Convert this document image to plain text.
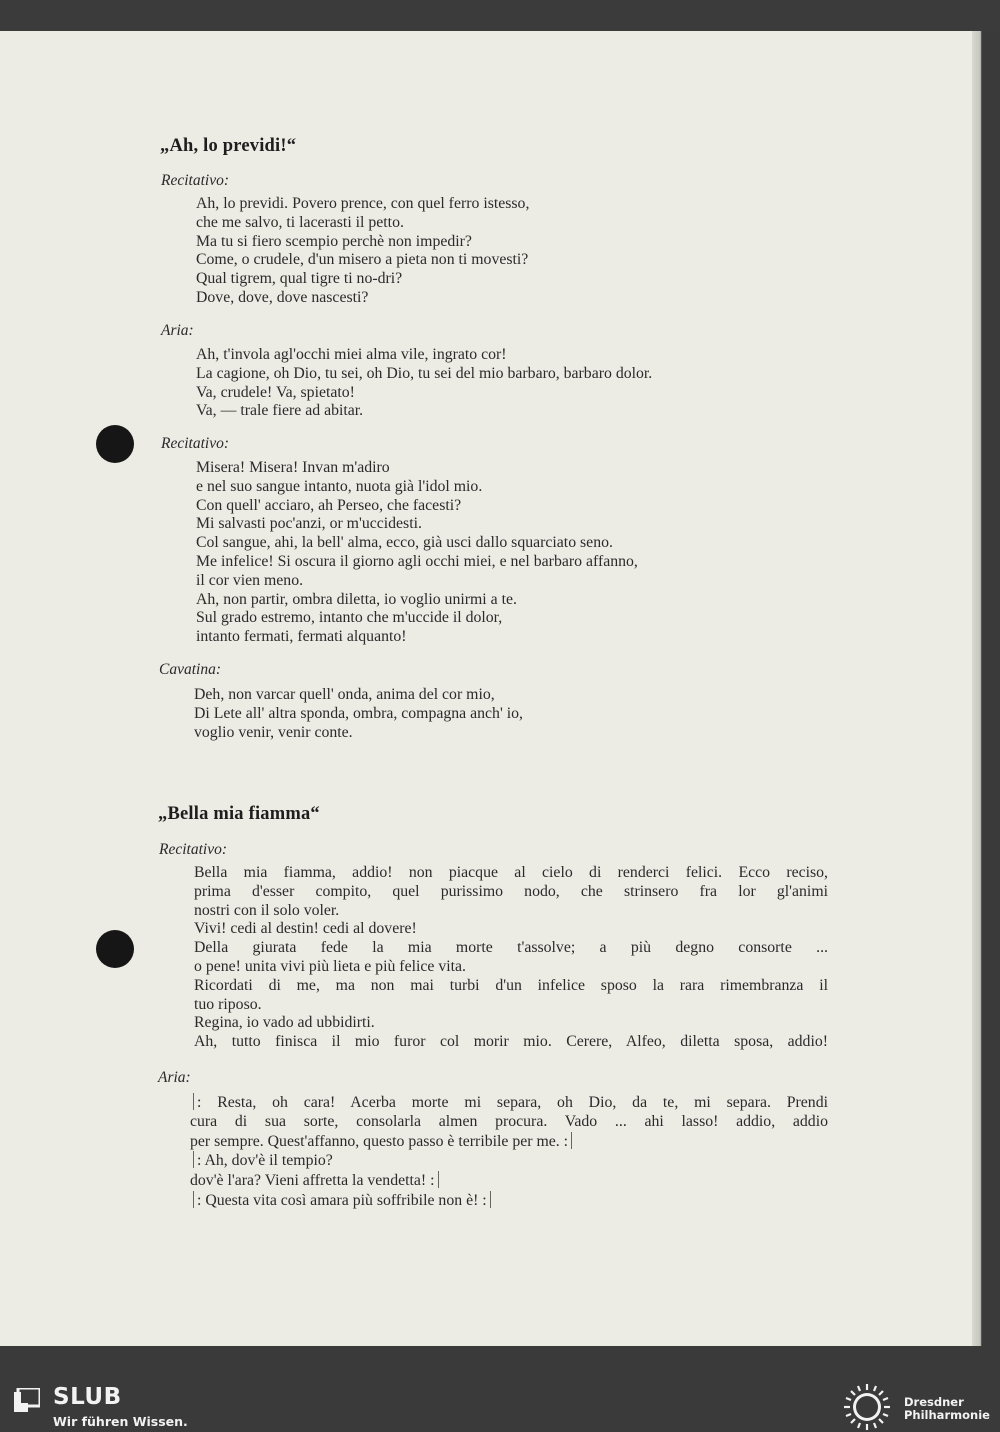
„Ah, lo previdi!“
Recitativo:
Ah, lo previdi. Povero prence, con quel ferro istesso,
che me salvo, ti lacerasti il petto.
Ma tu si fiero scempio perchè non impedir?
Come, o crudele, d'un misero a pieta non ti movesti?
Qual tigrem, qual tigre ti no-dri?
Dove, dove, dove nascesti?
Aria:
Ah, t'invola agl'occhi miei alma vile, ingrato cor!
La cagione, oh Dio, tu sei, oh Dio, tu sei del mio barbaro, barbaro dolor.
Va, crudele! Va, spietato!
Va, — trale fiere ad abitar.
Recitativo:
Misera! Misera! Invan m'adiro
e nel suo sangue intanto, nuota già l'idol mio.
Con quell' acciaro, ah Perseo, che facesti?
Mi salvasti poc'anzi, or m'uccidesti.
Col sangue, ahi, la bell' alma, ecco, già usci dallo squarciato seno.
Me infelice! Si oscura il giorno agli occhi miei, e nel barbaro affanno,
il cor vien meno.
Ah, non partir, ombra diletta, io voglio unirmi a te.
Sul grado estremo, intanto che m'uccide il dolor,
intanto fermati, fermati alquanto!
Cavatina:
Deh, non varcar quell' onda, anima del cor mio,
Di Lete all' altra sponda, ombra, compagna anch' io,
voglio venir, venir conte.
„Bella mia fiamma“
Recitativo:
Bella mia fiamma, addio! non piacque al cielo di renderci felici. Ecco reciso,
prima d'esser compito, quel purissimo nodo, che strinsero fra lor gl'animi
nostri con il solo voler.
Vivi! cedi al destin! cedi al dovere!
Della giurata fede la mia morte t'assolve; a più degno consorte ...
o pene! unita vivi più lieta e più felice vita.
Ricordati di me, ma non mai turbi d'un infelice sposo la rara rimembranza il
tuo riposo.
Regina, io vado ad ubbidirti.
Ah, tutto finisca il mio furor col morir mio. Cerere, Alfeo, diletta sposa, addio!
Aria:
: Resta, oh cara! Acerba morte mi separa, oh Dio, da te, mi separa. Prendi
cura di sua sorte, consolarla almen procura. Vado ... ahi lasso! addio, addio
per sempre. Quest'affanno, questo passo è terribile per me. :
: Ah, dov'è il tempio?
dov'è l'ara? Vieni affretta la vendetta! :
: Questa vita così amara più soffribile non è! :
SLUB
Wir führen Wissen.
Dresdner
Philharmonie
